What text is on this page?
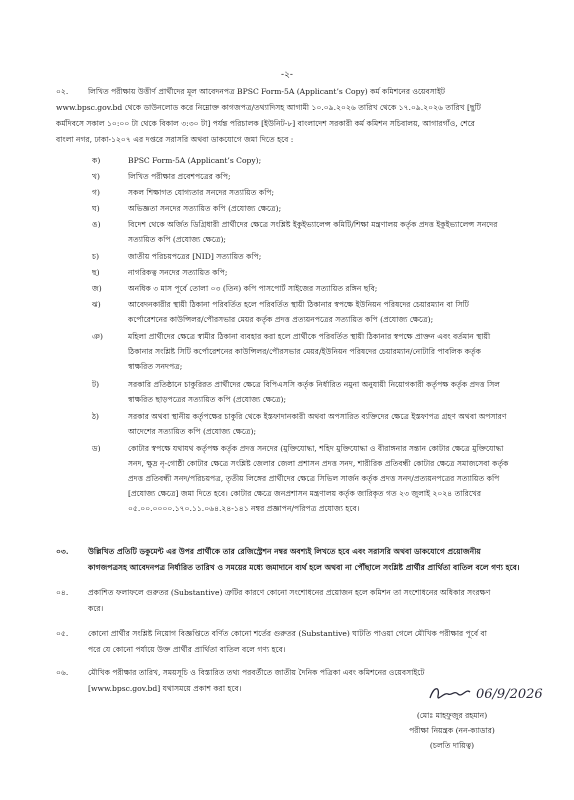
-২-
০২.	লিখিত পরীক্ষায় উত্তীর্ণ প্রার্থীদের মূল আবেদনপত্র BPSC Form-5A (Applicant’s Copy) কর্ম কমিশনের ওয়েবসাইট
www.bpsc.gov.bd থেকে ডাউনলোড করে নিম্নোক্ত কাগজপত্র/তথ্যাদিসহ আগামী ১০.০৯.২০২৬ তারিখ থেকে ১৭.০৯.২০২৬ তারিখ [ছুটি
কর্মদিবসে সকাল ১০:০০ টা থেকে বিকাল ৩:৩০ টা] পর্যন্ত পরিচালক [ইউনিট-৮] বাংলাদেশ সরকারী কর্ম কমিশন সচিবালয়, আগারগাঁও, শেরে
বাংলা নগর, ঢাকা-১২০৭ এর দপ্তরে সরাসরি অথবা ডাকযোগে জমা দিতে হবে :
ক)	BPSC Form-5A (Applicant’s Copy);
খ)	লিখিত পরীক্ষার প্রবেশপত্রের কপি;
গ)	সকল শিক্ষাগত যোগ্যতার সনদের সত্যায়িত কপি;
ঘ)	অভিজ্ঞতা সনদের সত্যায়িত কপি (প্রযোজ্য ক্ষেত্রে);
ঙ)	বিদেশ থেকে অর্জিত ডিগ্রিধারী প্রার্থীদের ক্ষেত্রে সংশ্লিষ্ট ইকুইভ্যালেন্স কমিটি/শিক্ষা মন্ত্রণালয় কর্তৃক প্রদত্ত ইকুইভ্যালেন্স সনদের
সত্যায়িত কপি (প্রযোজ্য ক্ষেত্রে);
চ)	জাতীয় পরিচয়পত্রের [NID] সত্যায়িত কপি;
ছ)	নাগরিকত্ব সনদের সত্যায়িত কপি;
জ)	অনধিক ৩ মাস পূর্বে তোলা ০৩ (তিন) কপি পাসপোর্ট সাইজের সত্যায়িত রঙ্গিন ছবি;
ঝ)	আবেদনকারীর স্থায়ী ঠিকানা পরিবর্তিত হলে পরিবর্তিত স্থায়ী ঠিকানার স্বপক্ষে ইউনিয়ন পরিষদের চেয়ারম্যান বা সিটি
কর্পোরেশনের কাউন্সিলর/পৌরসভার মেয়র কর্তৃক প্রদত্ত প্রত্যয়নপত্রের সত্যায়িত কপি (প্রযোজ্য ক্ষেত্রে);
ঞ)	মহিলা প্রার্থীদের ক্ষেত্রে স্বামীর ঠিকানা ব্যবহার করা হলে প্রার্থীকে পরিবর্তিত স্থায়ী ঠিকানার স্বপক্ষে প্রাক্তন এবং বর্তমান স্থায়ী
ঠিকানার সংশ্লিষ্ট সিটি কর্পোরেশনের কাউন্সিলর/পৌরসভার মেয়র/ইউনিয়ন পরিষদের চেয়ারম্যান/নোটারি পাবলিক কর্তৃক
স্বাক্ষরিত সনদপত্র;
ট)	সরকারি প্রতিষ্ঠানে চাকুরিরত প্রার্থীদের ক্ষেত্রে বিপিএসসি কর্তৃক নির্ধারিত নমুনা অনুযায়ী নিয়োগকারী কর্তৃপক্ষ কর্তৃক প্রদত্ত সিল
স্বাক্ষরিত ছাড়পত্রের সত্যায়িত কপি (প্রযোজ্য ক্ষেত্রে);
ঠ)	সরকার অথবা স্থানীয় কর্তৃপক্ষের চাকুরি থেকে ইস্তফাদানকারী অথবা অপসারিত ব্যক্তিদের ক্ষেত্রে ইস্তফাপত্র গ্রহণ অথবা অপসারণ
আদেশের সত্যায়িত কপি (প্রযোজ্য ক্ষেত্রে);
ড)	কোটার স্বপক্ষে যথাযথ কর্তৃপক্ষ কর্তৃক প্রদত্ত সনদের (মুক্তিযোদ্ধা, শহিদ মুক্তিযোদ্ধা ও বীরাঙ্গনার সন্তান কোটার ক্ষেত্রে মুক্তিযোদ্ধা
সনদ, ক্ষুদ্র নৃ-গোষ্ঠী কোটার ক্ষেত্রে সংশ্লিষ্ট জেলার জেলা প্রশাসন প্রদত্ত সনদ, শারীরিক প্রতিবন্ধী কোটার ক্ষেত্রে সমাজসেবা কর্তৃক
প্রদত্ত প্রতিবন্ধী সনদ/পরিচয়পত্র, তৃতীয় লিঙ্গের প্রার্থীদের ক্ষেত্রে সিভিল সার্জন কর্তৃক প্রদত্ত সনদ/প্রত্যয়নপত্রের সত্যায়িত কপি
[প্রযোজ্য ক্ষেত্রে] জমা দিতে হবে। কোটার ক্ষেত্রে জনপ্রশাসন মন্ত্রণালয় কর্তৃক জারিকৃত গত ২৩ জুলাই ২০২৪ তারিখের
০৫.০০.০০০০.১৭০.১১.০৬৪.২৪-১৪১ নম্বর প্রজ্ঞাপন/পরিপত্র প্রযোজ্য হবে।
০৩.	উল্লিখিত প্রতিটি ডকুমেন্ট এর উপর প্রার্থীকে তার রেজিস্ট্রেশন নম্বর অবশ্যই লিখতে হবে এবং সরাসরি অথবা ডাকযোগে প্রয়োজনীয়
কাগজপত্রসহ আবেদনপত্র নির্ধারিত তারিখ ও সময়ের মধ্যে জমাদানে ব্যর্থ হলে অথবা না পৌঁছালে সংশ্লিষ্ট প্রার্থীর প্রার্থিতা বাতিল বলে গণ্য হবে।
০৪.	প্রকাশিত ফলাফলে গুরুতর (Substantive) ত্রুটির কারণে কোনো সংশোধনের প্রয়োজন হলে কমিশন তা সংশোধনের অধিকার সংরক্ষণ
করে।
০৫.	কোনো প্রার্থীর সংশ্লিষ্ট নিয়োগ বিজ্ঞপ্তিতে বর্ণিত কোনো শর্তের গুরুতর (Substantive) ঘাটতি পাওয়া গেলে মৌখিক পরীক্ষার পূর্বে বা
পরে যে কোনো পর্যায়ে উক্ত প্রার্থীর প্রার্থিতা বাতিল বলে গণ্য হবে।
০৬.	মৌখিক পরীক্ষার তারিখ, সময়সূচি ও বিস্তারিত তথ্য পরবর্তীতে জাতীয় দৈনিক পত্রিকা এবং কমিশনের ওয়েবসাইটে
[www.bpsc.gov.bd] যথাসময়ে প্রকাশ করা হবে।	06/9/2026
(মোঃ মাহফুজুর রহমান)
পরীক্ষা নিয়ন্ত্রক (নন-ক্যাডার)
(চলতি দায়িত্ব)
